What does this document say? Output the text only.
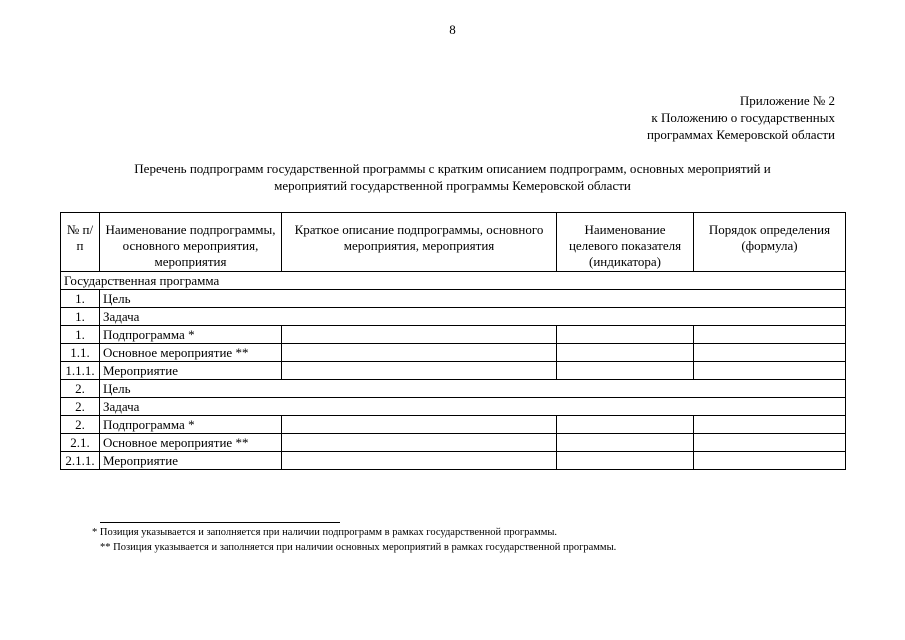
8
Приложение № 2
к Положению о государственных
программах Кемеровской области
Перечень подпрограмм государственной программы с кратким описанием подпрограмм, основных мероприятий и
мероприятий государственной программы Кемеровской области
№ п/п	Наименование подпрограммы, основного мероприятия, мероприятия	Краткое описание подпрограммы, основного мероприятия, мероприятия	Наименование целевого показателя (индикатора)	Порядок определения (формула)
Государственная программа				
1.	Цель			
1.	Задача			
1.	Подпрограмма *			
1.1.	Основное мероприятие **			
1.1.1.	Мероприятие			
2.	Цель			
2.	Задача			
2.	Подпрограмма *			
2.1.	Основное мероприятие **			
2.1.1.	Мероприятие			
* Позиция указывается и заполняется при наличии подпрограмм в рамках государственной программы.
** Позиция указывается и заполняется при наличии основных мероприятий в рамках государственной программы.
